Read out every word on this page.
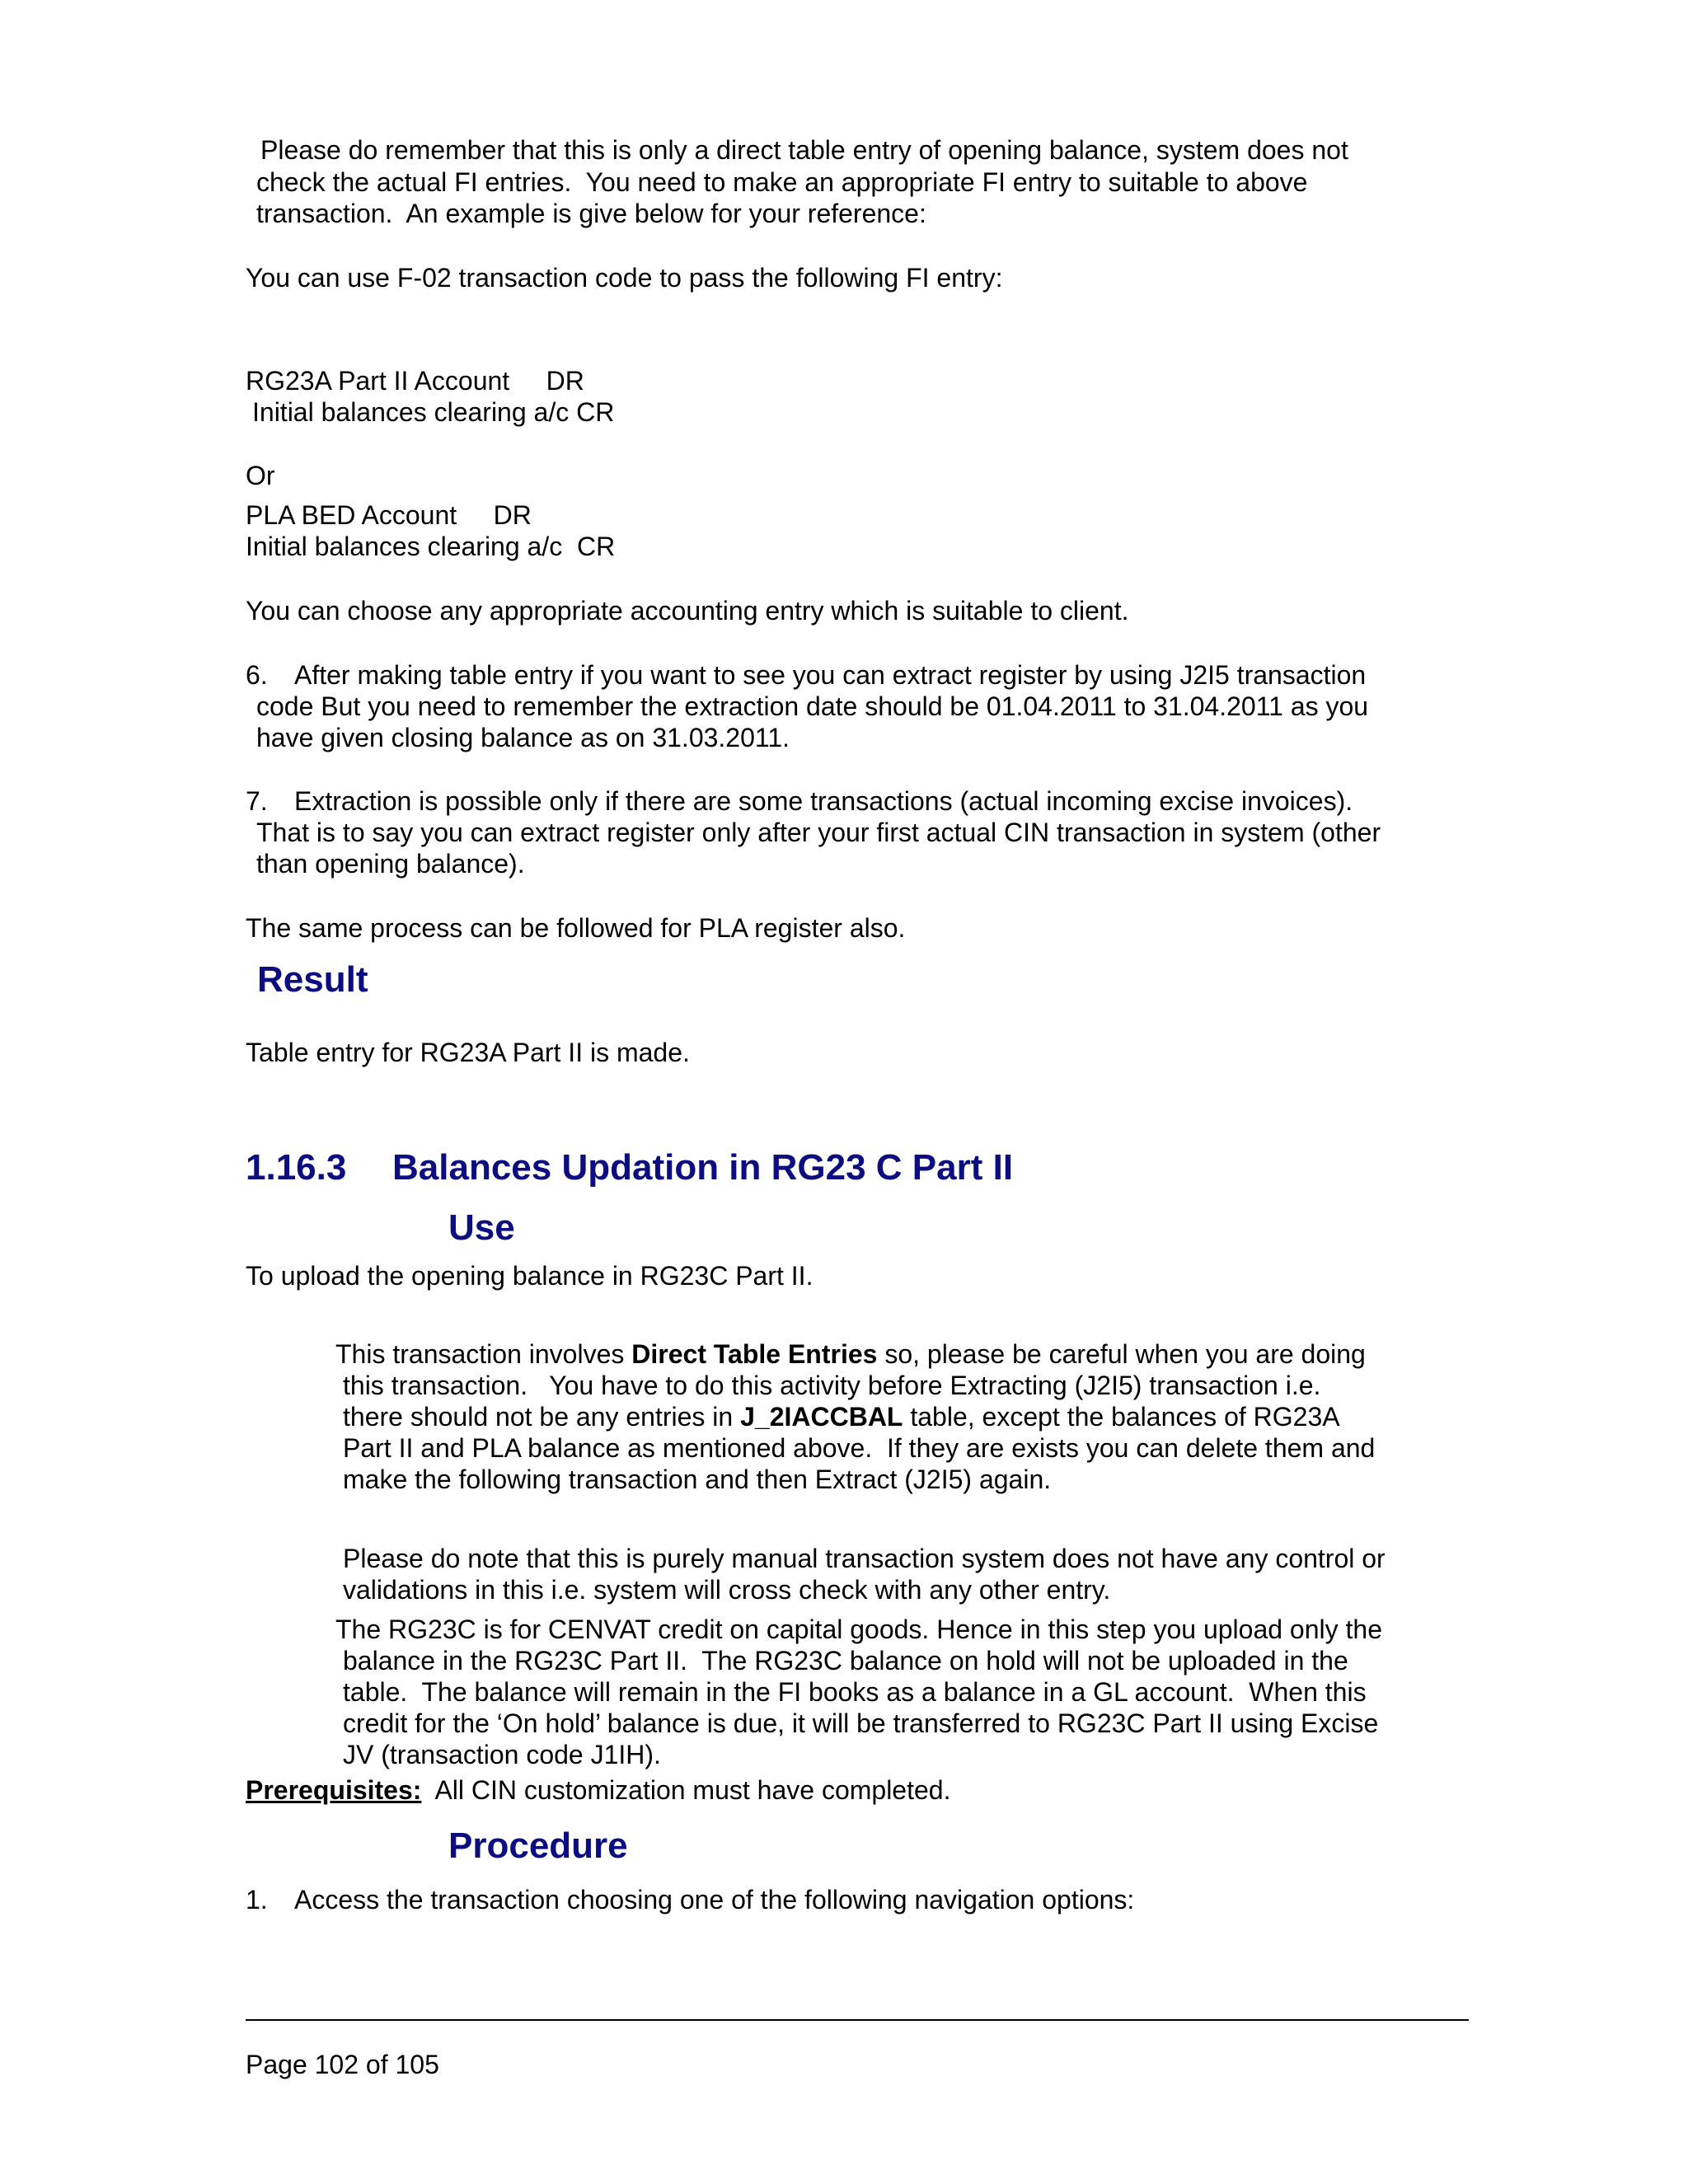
Please do remember that this is only a direct table entry of opening balance, system does not

check the actual FI entries.  You need to make an appropriate FI entry to suitable to above

transaction.  An example is give below for your reference:

You can use F-02 transaction code to pass the following FI entry:

RG23A Part II Account     DR

Initial balances clearing a/c CR

Or

PLA BED Account     DR

Initial balances clearing a/c  CR

You can choose any appropriate accounting entry which is suitable to client.

6. After making table entry if you want to see you can extract register by using J2I5 transaction

code But you need to remember the extraction date should be 01.04.2011 to 31.04.2011 as you

have given closing balance as on 31.03.2011.

7. Extraction is possible only if there are some transactions (actual incoming excise invoices).

That is to say you can extract register only after your first actual CIN transaction in system (other

than opening balance).

The same process can be followed for PLA register also.

Result

Table entry for RG23A Part II is made.

1.16.3 Balances Updation in RG23 C Part II
Use

To upload the opening balance in RG23C Part II.

This transaction involves Direct Table Entries so, please be careful when you are doing

this transaction.   You have to do this activity before Extracting (J2I5) transaction i.e.

there should not be any entries in J_2IACCBAL table, except the balances of RG23A

Part II and PLA balance as mentioned above.  If they are exists you can delete them and

make the following transaction and then Extract (J2I5) again.

Please do note that this is purely manual transaction system does not have any control or

validations in this i.e. system will cross check with any other entry.

The RG23C is for CENVAT credit on capital goods. Hence in this step you upload only the

balance in the RG23C Part II.  The RG23C balance on hold will not be uploaded in the

table.  The balance will remain in the FI books as a balance in a GL account.  When this

credit for the ‘On hold’ balance is due, it will be transferred to RG23C Part II using Excise

JV (transaction code J1IH).

Prerequisites:  All CIN customization must have completed.

Procedure

1. Access the transaction choosing one of the following navigation options:

Page 102 of 105
